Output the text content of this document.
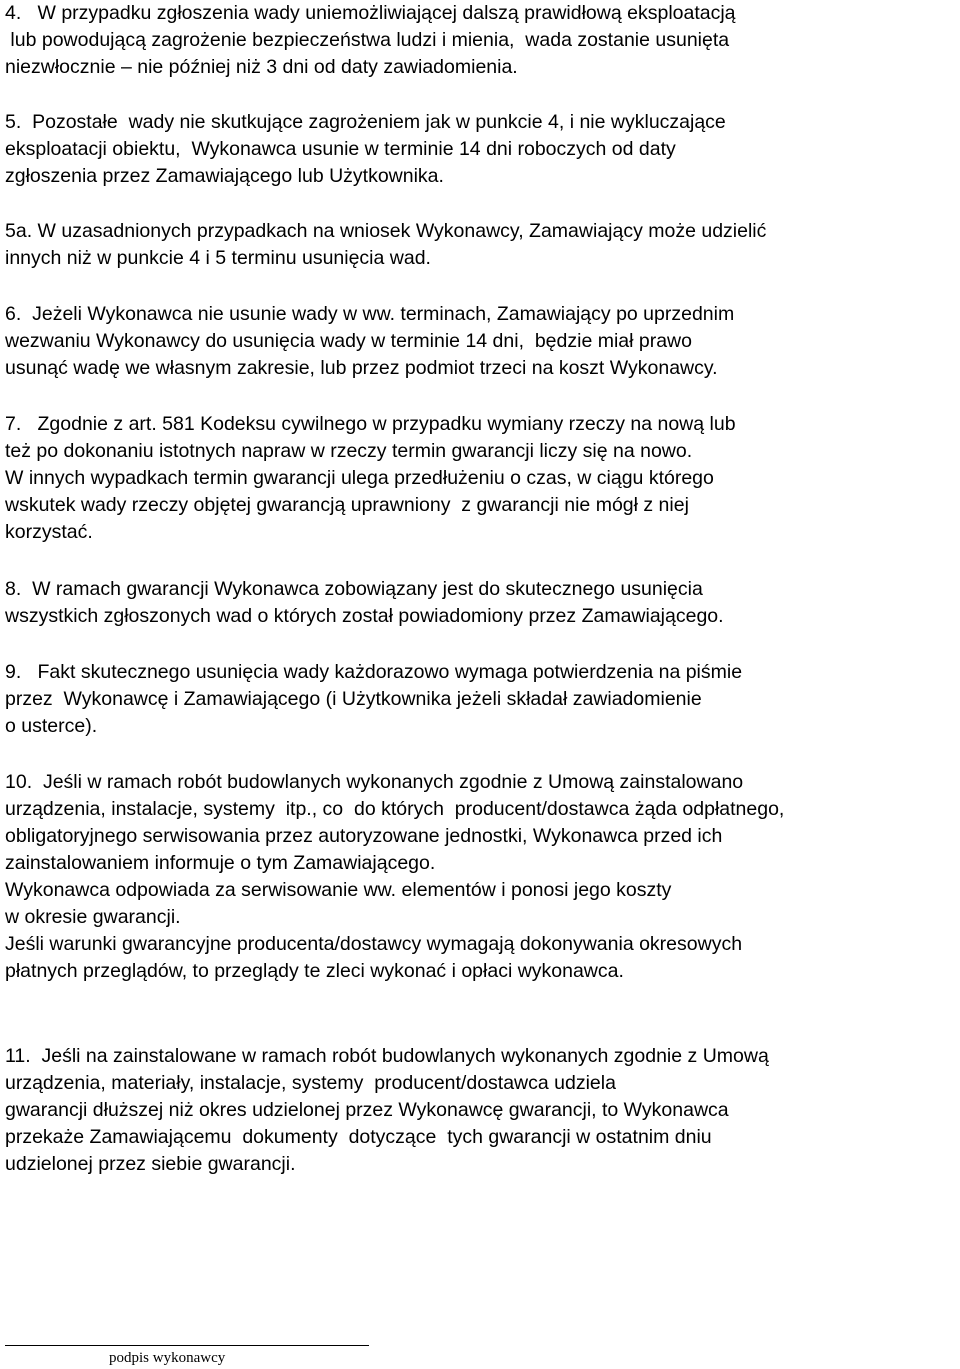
4.   W przypadku zgłoszenia wady uniemożliwiającej dalszą prawidłową eksploatacją
lub powodującą zagrożenie bezpieczeństwa ludzi i mienia,  wada zostanie usunięta
niezwłocznie – nie później niż 3 dni od daty zawiadomienia.
5.  Pozostałe  wady nie skutkujące zagrożeniem jak w punkcie 4, i nie wykluczające
eksploatacji obiektu,  Wykonawca usunie w terminie 14 dni roboczych od daty
zgłoszenia przez Zamawiającego lub Użytkownika.
5a. W uzasadnionych przypadkach na wniosek Wykonawcy, Zamawiający może udzielić
innych niż w punkcie 4 i 5 terminu usunięcia wad.
6.  Jeżeli Wykonawca nie usunie wady w ww. terminach, Zamawiający po uprzednim
wezwaniu Wykonawcy do usunięcia wady w terminie 14 dni,  będzie miał prawo
usunąć wadę we własnym zakresie, lub przez podmiot trzeci na koszt Wykonawcy.
7.   Zgodnie z art. 581 Kodeksu cywilnego w przypadku wymiany rzeczy na nową lub
też po dokonaniu istotnych napraw w rzeczy termin gwarancji liczy się na nowo.
W innych wypadkach termin gwarancji ulega przedłużeniu o czas, w ciągu którego
wskutek wady rzeczy objętej gwarancją uprawniony  z gwarancji nie mógł z niej
korzystać.
8.  W ramach gwarancji Wykonawca zobowiązany jest do skutecznego usunięcia
wszystkich zgłoszonych wad o których został powiadomiony przez Zamawiającego.
9.   Fakt skutecznego usunięcia wady każdorazowo wymaga potwierdzenia na piśmie
przez  Wykonawcę i Zamawiającego (i Użytkownika jeżeli składał zawiadomienie
o usterce).
10.  Jeśli w ramach robót budowlanych wykonanych zgodnie z Umową zainstalowano
urządzenia, instalacje, systemy  itp., co  do których  producent/dostawca żąda odpłatnego,
obligatoryjnego serwisowania przez autoryzowane jednostki, Wykonawca przed ich
zainstalowaniem informuje o tym Zamawiającego.
Wykonawca odpowiada za serwisowanie ww. elementów i ponosi jego koszty
w okresie gwarancji.
Jeśli warunki gwarancyjne producenta/dostawcy wymagają dokonywania okresowych
płatnych przeglądów, to przeglądy te zleci wykonać i opłaci wykonawca.
11.  Jeśli na zainstalowane w ramach robót budowlanych wykonanych zgodnie z Umową
urządzenia, materiały, instalacje, systemy  producent/dostawca udziela
gwarancji dłuższej niż okres udzielonej przez Wykonawcę gwarancji, to Wykonawca
przekaże Zamawiającemu  dokumenty  dotyczące  tych gwarancji w ostatnim dniu
udzielonej przez siebie gwarancji.
podpis wykonawcy
